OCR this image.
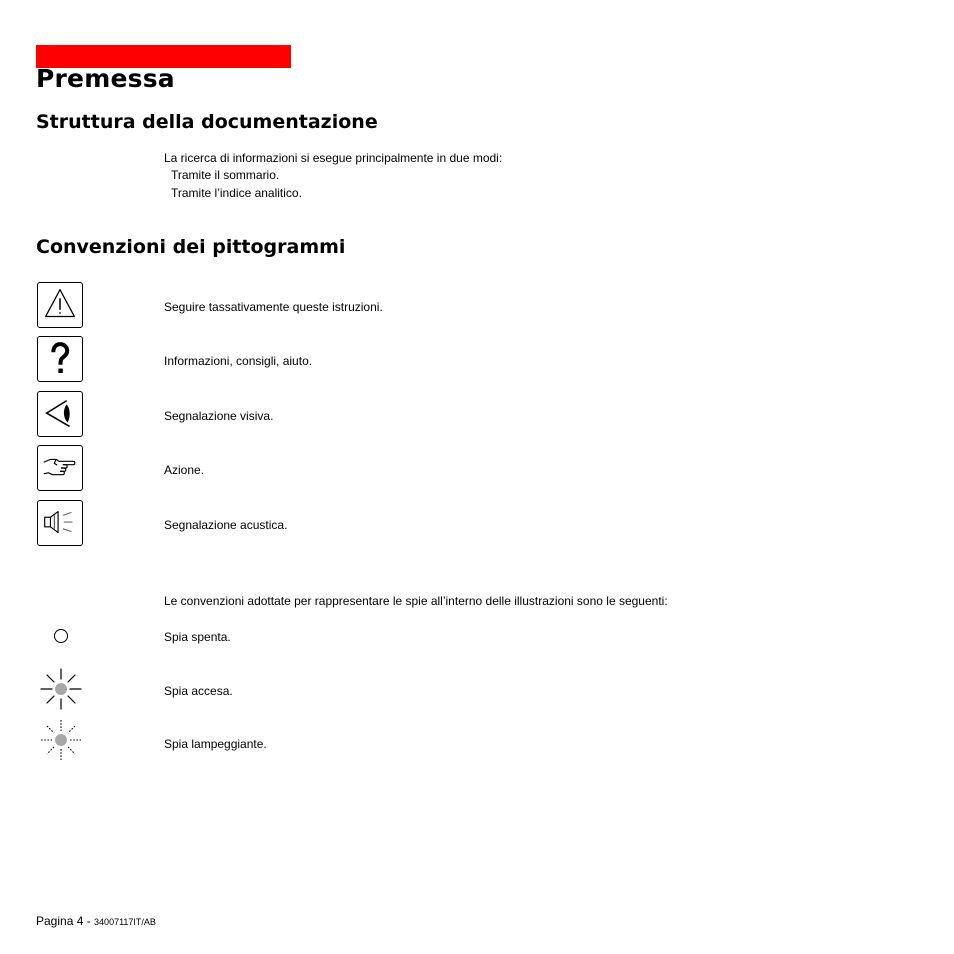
Premessa
Struttura della documentazione
La ricerca di informazioni si esegue principalmente in due modi:
Tramite il sommario.
Tramite l’indice analitico.
Convenzioni dei pittogrammi
Seguire tassativamente queste istruzioni.
Informazioni, consigli, aiuto.
Segnalazione visiva.
Azione.
Segnalazione acustica.
Le convenzioni adottate per rappresentare le spie all’interno delle illustrazioni sono le seguenti:
Spia spenta.
Spia accesa.
Spia lampeggiante.
Pagina 4 - 34007117IT/AB
